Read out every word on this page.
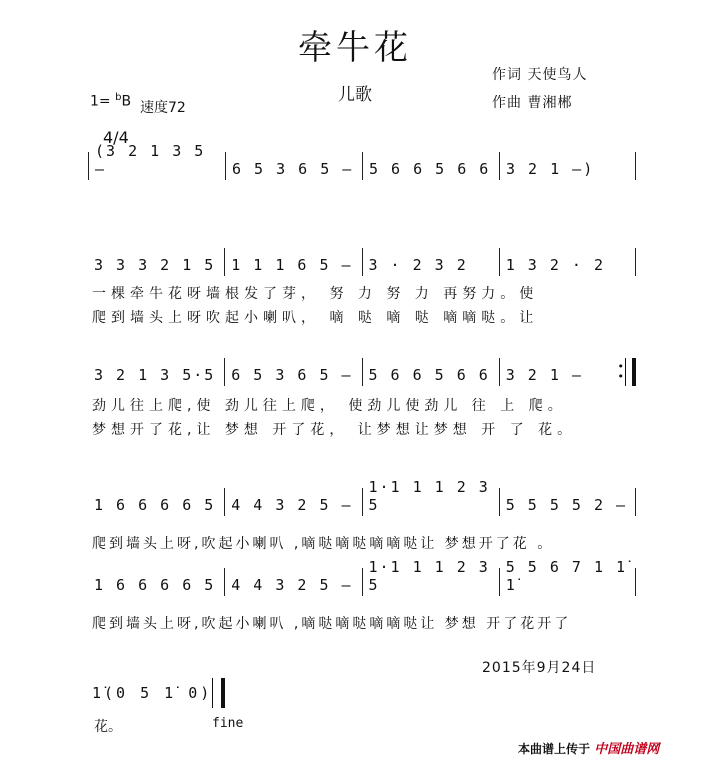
牵牛花
儿歌
作词 天使鸟人
作曲 曹湘郴
1= $^b$B 速度72
4/4
(3 2 1 3 5 —	6 5 3 6 5 — 5 6 6 5 6 6 3 2 1 —)
3 3 3 2 1 5 1 1 1 6 5 — 3 · 2 3 2	1 3 2 · 2
一棵牵牛花呀墙根发了芽， 努 力 努 力 再努力。使
爬到墙头上呀吹起小喇叭， 嘀 哒 嘀 哒 嘀嘀哒。让
3 2 1 3 5·5 6 5 3 6 5 — 5 6 6 5 6 6 3 2 1 —	•
•
劲儿往上爬,使 劲儿往上爬， 使劲儿使劲儿 往 上 爬。
梦想开了花,让 梦想 开了花， 让梦想让梦想 开 了 花。
1 6 6 6 6 5 4 4 3 2 5 —
1·1 1 1 2 3 5	5 5 5 5 2 —
爬到墙头上呀,吹起小喇叭 ,嘀哒嘀哒嘀嘀哒让 梦想开了花 。
1 6 6 6 6 5 4 4 3 2 5 —
1·1 1 1 2 3 5
5 5 6 7 1 1̇ 1̇
爬到墙头上呀,吹起小喇叭 ,嘀哒嘀哒嘀嘀哒让 梦想 开了花开了
2015年9月24日
1̇(0 5 1̇ 0)
花。	fine
本曲谱上传于 中国曲谱网
